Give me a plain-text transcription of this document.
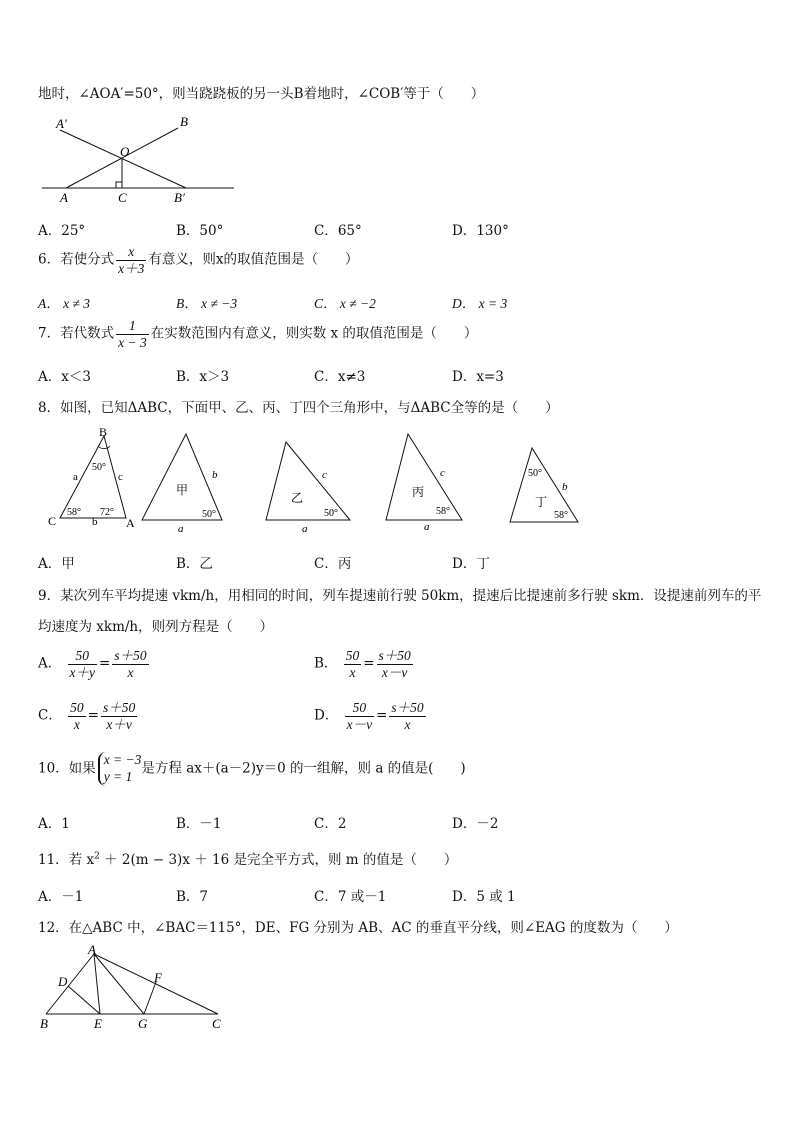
地时，∠AOA′=50°，则当跷跷板的另一头B着地时，∠COB′等于（　　）
A′	B
O
A	C	B′
A．25°	B．50°	C．65°	D．130°
6．若使分式 $\frac{x}{x+3}$ 有意义，则x的取值范围是（　　）
A． x ≠ 3	B． x ≠ −3	C． x ≠ −2	D． x = 3
7．若代数式 $\frac{1}{x - 3}$ 在实数范围内有意义，则实数 x 的取值范围是（　　）
A．x＜3	B．x＞3	C．x≠3	D．x=3
8．如图，已知ΔABC，下面甲、乙、丙、丁四个三角形中，与ΔABC全等的是（　　）
B
a	c
50°
58° 72°
b
C	A
甲
b
50°
a
乙
c
50°
a
丙
c
58°
a
50°
b
丁
58°
A．甲	B．乙	C．丙	D．丁
9．某次列车平均提速 vkm/h，用相同的时间，列车提速前行驶 50km，提速后比提速前多行驶 skm．设提速前列车的平
均速度为 xkm/h，则列方程是（　　）
A． $\frac{50}{x+y} = \frac{s+50}{x}$	B． $\frac{50}{x} = \frac{s+50}{x-v}$
C． $\frac{50}{x} = \frac{s+50}{x+v}$	D． $\frac{50}{x-v} = \frac{s+50}{x}$
10．如果
x = −3
y = 1 是方程 ax＋(a－2)y＝0 的一组解，则 a 的值是(　　)
A．1	B．－1	C．2	D．－2
11．若 $x^2 + 2(m - 3)x + 16$ 是完全平方式，则 m 的值是（　　）
A．－1	B．7	C．7 或－1	D．5 或 1
12．在△ABC 中，∠BAC＝115°，DE、FG 分别为 AB、AC 的垂直平分线，则∠EAG 的度数为（　　）
A
D	F
B	E	G	C
